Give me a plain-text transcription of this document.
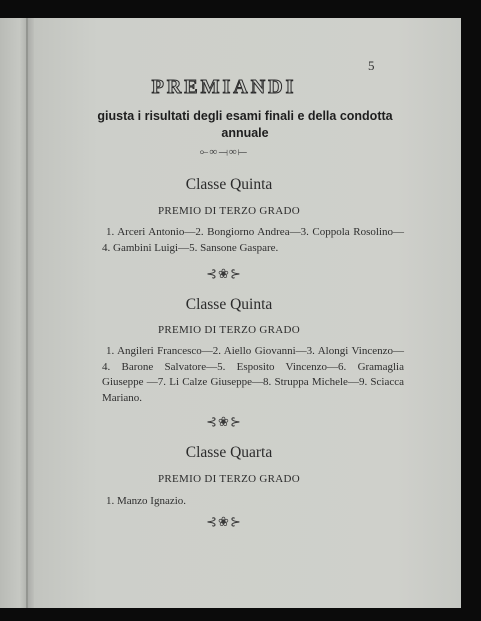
5
PREMIANDI
giusta i risultati degli esami finali e della condotta annuale
⟜∞⟞∞⟝
Classe Quinta
PREMIO DI TERZO GRADO
1. Arceri Antonio—2. Bongiorno Andrea—3. Coppola Rosolino—4. Gambini Luigi—5. Sansone Gaspare.
⊰❀⊱
Classe Quinta
PREMIO DI TERZO GRADO
1. Angileri Francesco—2. Aiello Giovanni—3. Alongi Vincenzo—4. Barone Salvatore—5. Esposito Vincenzo—6. Gramaglia Giuseppe —7. Li Calze Giuseppe—8. Struppa Michele—9. Sciacca Mariano.
⊰❀⊱
Classe Quarta
PREMIO DI TERZO GRADO
1. Manzo Ignazio.
⊰❀⊱
